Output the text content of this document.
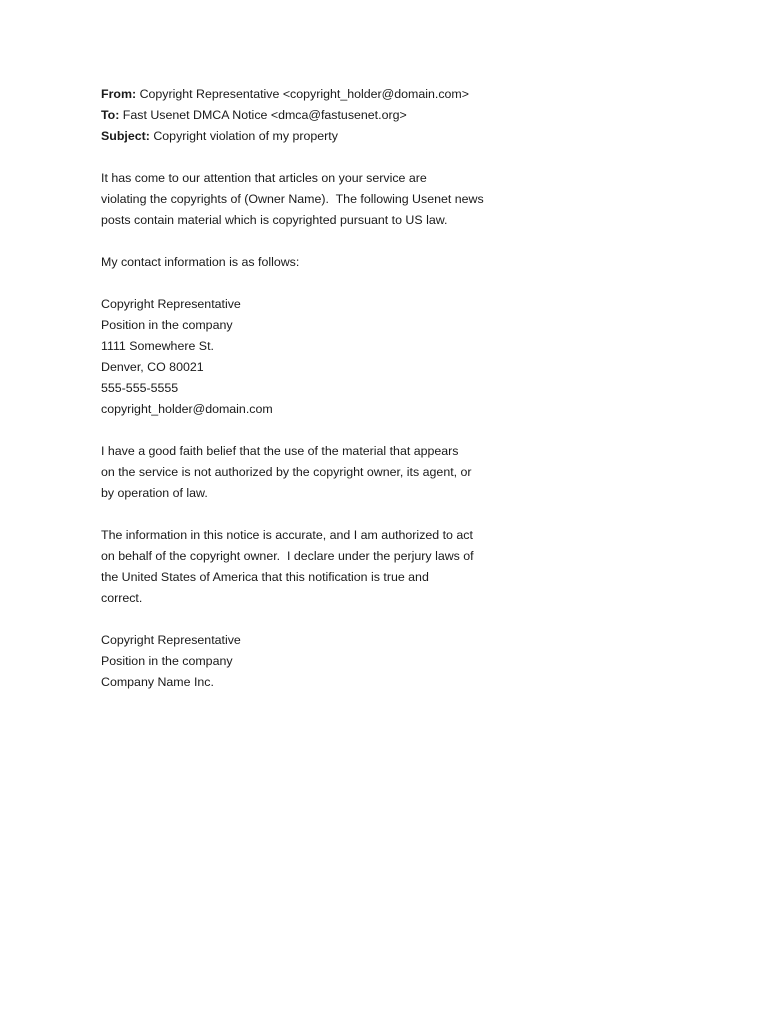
From: Copyright Representative <copyright_holder@domain.com>
To: Fast Usenet DMCA Notice <dmca@fastusenet.org>
Subject: Copyright violation of my property
It has come to our attention that articles on your service are
violating the copyrights of (Owner Name).  The following Usenet news
posts contain material which is copyrighted pursuant to US law.
My contact information is as follows:
Copyright Representative
Position in the company
1111 Somewhere St.
Denver, CO 80021
555-555-5555
copyright_holder@domain.com
I have a good faith belief that the use of the material that appears
on the service is not authorized by the copyright owner, its agent, or
by operation of law.
The information in this notice is accurate, and I am authorized to act
on behalf of the copyright owner.  I declare under the perjury laws of
the United States of America that this notification is true and
correct.
Copyright Representative
Position in the company
Company Name Inc.
